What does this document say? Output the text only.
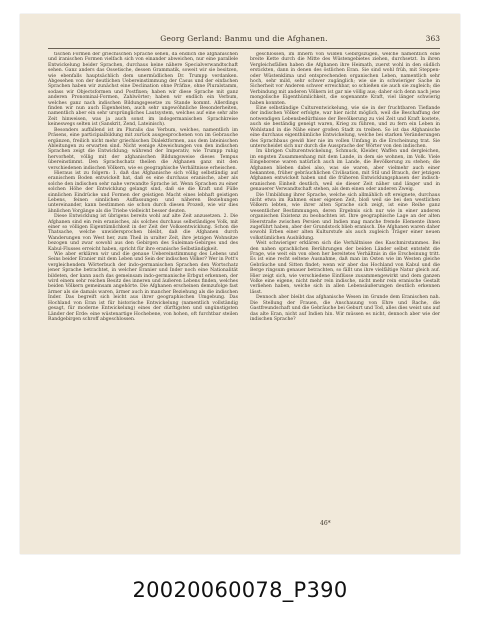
Georg Gerland: Banmu und die Afghanen.	363

tischen Formen der griechischen Sprache sehen, da endlich die afghanischen und iranischen Formen vielfach sich von einander abweichen, nur eine parallele Entwickelung beider Sprachen, durchaus keine nähere Specialverwandtschaft sehen. Ganz anders das Ossetische, dessen Grammatik, soweit wir sie besitzen, wie ebenfalls hauptsächlich dem unermüdlichen Dr. Trumpp verdanken. Abgesehen von der deutlichen Uebereinstimmung der Casus und der einfachen Sprachen haben wir zunächst eine Declination ohne Präfixe, ohne Pluralstamm, sodass wir Objectsformen und Postfixen; haben wir diese Sprache mit ganz anderen Pronominal-Formen, Zahlwörter; haben wir endlich ein Verbum, welches ganz nach indischen Bildungsgesetze zu Stande kommt. Allerdings finden wir nun auch Eigenheiten, auch sehr ungewöhnliche Besonderheiten, namentlich aber ein sehr ursprüngliches Lautsystem, welches auf eine sehr alte Zeit hinweisen, was ja auch sonst im indogermanischen Sprachkreise keineswegs selten ist (Sanskrit, Zend, Lateinisch).

Besonders auffallend ist im Pluralis das Verbum, welches, namentlich im Präsens, eine participialbildung mit zurück ausgesprochenen von im Gebrauche ergänzen, freilich nicht mehr griechischen Dialektformen, aus dem lateinischen Ableitungen zu erwarten sind. Nicht wenige Abweichungen von den indischen Sprachen zeigt die Entwicklung; während der Imperativ, wie Trumpp ruhig hervorhebt, völlig mit der afghanischen Bildungsweise dieses Tempus übereinstimmt. Den Sprachschatz theilen die Afghanen ganz mit den verschiedenen indischen Völkern, wie es geographische Verhältnisse erheischen.

Hieraus ist zu folgern: 1. daß das Afghanische sich völlig selbständig auf eranischem Boden entwickelt hat, daß es eine durchaus eranische, aber als solche den indischen sehr nahe verwandte Sprache ist. Wenn Sprachen zu einer solchen Höhe der Entwicklung gelangt sind, daß sie die Kraft und Fülle sinnlichen Eindrücke und Formen der geistigen Macht eines lebhaft geistigen Lebens, feinen sinnlichen Auffassungen und näheren Beziehungen untereinander, kann bestimmen sie schon durch diesen Prozeß, wie wir dies ähnlichen Vorgänge als die Triebe vielleicht besser deuten.

Diese Entwicklung ist übrigens bereits wohl auf alte Zeit anzusetzen. 2. Die Afghanen sind ein rein eranisches, als solches durchaus selbständiges Volk, mit einer so völligen Eigentümlichkeit in der Zeit der Volksentwicklung. Schon die Thatsache, welche unwidersprochen bleibt, daß die Afghanen durch Wanderungen von West her, zum Theil in uralter Zeit, ihre jetzigen Wohnsitze bezogen und zwar sowohl aus den Gebirgen des Suleiman-Gebirges und des Kabul-Flusses erreicht haben, spricht für ihre eranische Selbständigkeit.

Wie aber erklären wir und die genaue Uebereinstimmung des Lebens und Seins beider Eranier mit dem Leben und Sein der indischen Völker? Wer in Pott's vergleichendem Wörterbuch der indo-germanischen Sprachen den Wortschatz jener Sprache betrachtet, in welcher Eranier und Inder noch eine Nationalität bildeten, der kann auch das gemeinsam indo-germanische Erbgut erkennen, der wird einem sehr reichen Besitz des inneren und äußeren Lebens finden, welches beiden Völkern gemeinsam angehörte. Die Afghanen erscheinen demzufolge fast ärmer als sie damals waren, ärmer auch in mancher Beziehung als die indischen Inder. Das begreift sich leicht aus ihrer geographischen Umgebung. Das Hochland von Eran ist für historische Entwickelung (namentlich vollständig gesagt, für moderne Entwickelung) eines der dürftigsten und ungünstigsten Länder der Erde: eine wüstenartige Hochebene, von hohen, oft furchtbar steilen Randgebirgen schroff abgeschlossen.

geschlossen, im Innern von wilden Gebirgszügen, welche namentlich eine breite Kette durch die Mitte des Wüstengebietes ziehen, durchsetzt. In ihren Vergleichsfällen haben die Afghanen ihre Heimath, zuerst wohl in den südlich erstickten, dann in denen des östlichen Eran. Sie sind wohl früh, mit Steppen- oder Wüstenklima und entsprechenden organischen Leben, namentlich sehr hoch, sehr mild, sehr schwer zugänglich; wie sie in schwieriger Sache in Sicherheit vor Anderen schwer erreichbar, so schießen sie auch sie zugleich; die Verbindung mit anderen Völkern ist gar nie völlig aus; daher sich denn nach jene mongolische Eigenthümlichkeit, die sogenannte Kraft, viel länger schwierig haben konnten.

Eine selbständige Culturentwickelung, wie sie in der fruchtbaren Tieflande der indischen Völker erfolgte, war hier nicht möglich, weil die Beschaffung der notwendigen Lebensbedürfnisse der Bevölkerung zu viel Zeit und Kraft kostete, auch sie beständig geneigt waren, Krieg zu führen, und zu fern ein Leben in Wohlstand in die Nähe einer großen Stadt zu treiben. So ist das Afghanische eine durchaus eigenthümliche Entwickelung, welche bei starken Veränderungen des Sprachbaus gewiß hier nie im vollen Umfang in die Erscheinung trat. Sie unterscheidet sich nur durch die Aussprache der Wörter von den indischen.

Im übrigen Culturentwickelung, Schmuck, Kleider, Waffen und dergleichen, im engsten Zusammenhang mit dem Lande, in dem sie wohnen, im Volk. Viele Eingeborene waren natürlich auch im Lande, die Bevölkerung zu stehen; die Afghanen blieben dabei also, was sie waren, aber vielmehr auch einer bekannten, früher gebräuchlichen Civilisation, mit Stil und Brauch, der jetzigen Afghanen entwickelt haben und die früheren Entwicklungsphasen der indisch-eranischen Einheit deutlich, weil sie dieser Zeit näher und länger und in genauerer Verwandtschaft stehen, als dem einen oder anderen Zweig.

Die Umbildung ihrer Sprache, welche sich allmählich oft ereignete, durchaus nicht etwa im Rahmen einer eigenen Zeit, bloß weil sie bei den westlichen Völkern lebten, wie ihrer alten Sprache sich zeigt, ist eine Reihe ganz wesentlicher Bestimmungen, deren Ergebnis sich nur wie in einer anderen organischen Existenz zu beobachten ist. Ihre geographische Lage an der alten Heerstraße zwischen Persien und Indien mag manche fremde Elemente ihnen zugeführt haben, aber der Grundstock blieb eranisch. Die Afghanen waren daher sowohl Erben einer alten Kulturstufe als auch zugleich Träger einer neuen volkstümlichen Ausbildung.

Weit schwieriger erklären sich die Verhältnisse des Kaschmirstammes. Bei den nahen sprachlichen Berührungen der beiden Länder selbst entsteht die Frage, wie weit ein von oben her bereitetes Verhältnis in die Erscheinung tritt. Es ist eine recht seltene Ausnahme, daß man im Osten wie im Westen gleiche Gebräuche und Sitten findet; wenn wir aber das Hochland von Kabul und die Berge ringsum genauer betrachten, so fällt uns ihre vielfältige Natur gleich auf. Hier zeigt sich, wie verschiedene Einflüsse zusammengewirkt und dem ganzen Volke eine eigene, nicht mehr rein indische, nicht mehr rein eranische Gestalt verliehen haben, welche sich in allen Lebensäußerungen deutlich erkennen lässt.

Dennoch aber bleibt das afghanische Wesen im Grunde dem Eranischen nah. Die Stellung der Frauen, die Anschauung von Ehre und Rache, die Gastfreundschaft und die Gebräuche bei Geburt und Tod, alles dies weist uns auf das alte Eran, nicht auf Indien hin. Wir müssen es nicht, dennoch aber wie der indischen Sprache?

46*
20020060078_P390
